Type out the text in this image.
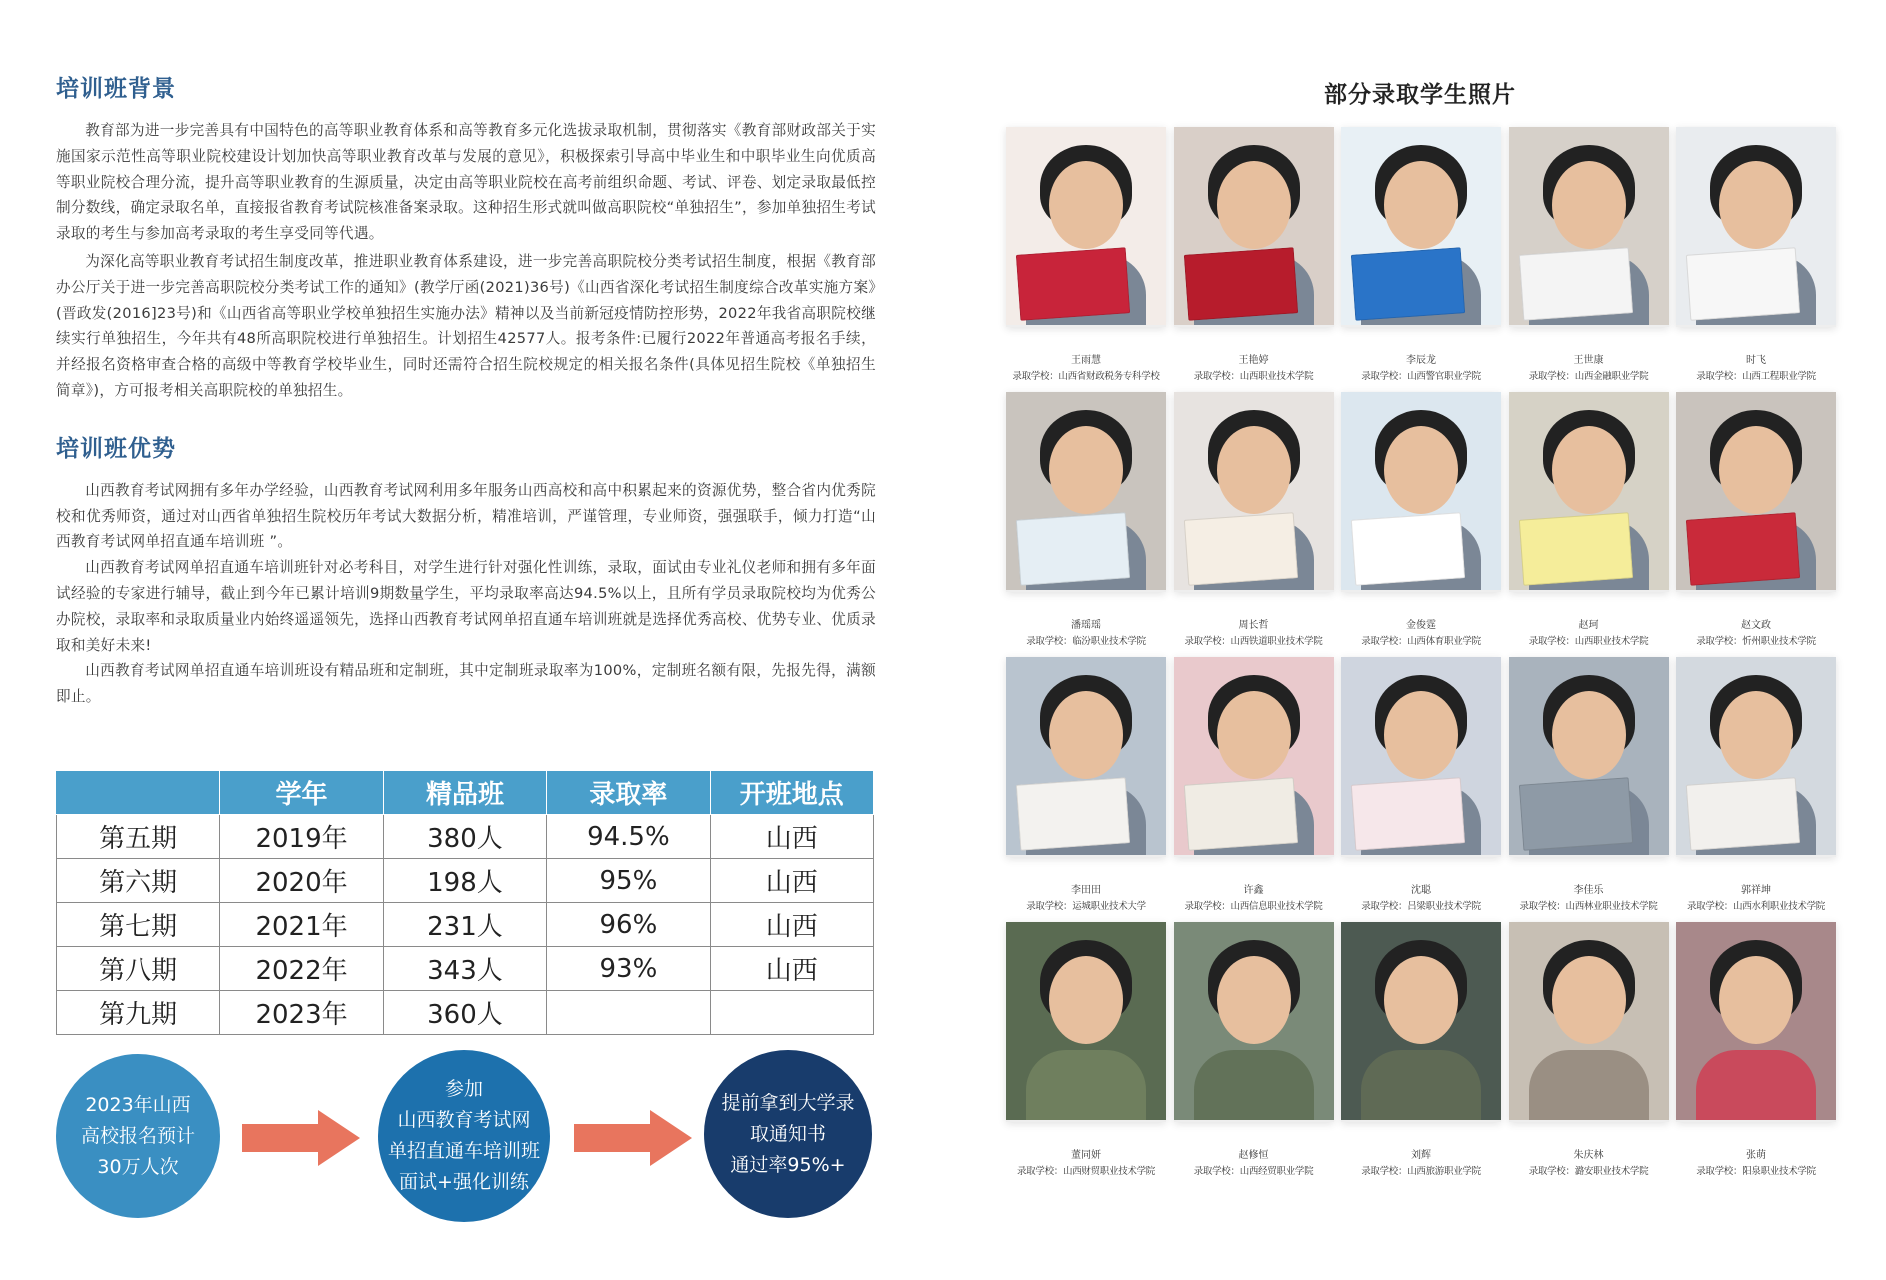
培训班背景

教育部为进一步完善具有中国特色的高等职业教育体系和高等教育多元化选拔录取机制，贯彻落实《教育部财政部关于实施国家示范性高等职业院校建设计划加快高等职业教育改革与发展的意见》，积极探索引导高中毕业生和中职毕业生向优质高等职业院校合理分流，提升高等职业教育的生源质量，决定由高等职业院校在高考前组织命题、考试、评卷、划定录取最低控制分数线，确定录取名单，直接报省教育考试院核准备案录取。这种招生形式就叫做高职院校“单独招生”，参加单独招生考试录取的考生与参加高考录取的考生享受同等代遇。

为深化高等职业教育考试招生制度改革，推进职业教育体系建设，进一步完善高职院校分类考试招生制度，根据《教育部办公厅关于进一步完善高职院校分类考试工作的通知》(教学厅函(2021)36号)《山西省深化考试招生制度综合改革实施方案》(晋政发(2016]23号)和《山西省高等职业学校单独招生实施办法》精神以及当前新冠疫情防控形势，2022年我省高职院校继续实行单独招生，今年共有48所高职院校进行单独招生。计划招生42577人。报考条件:已履行2022年普通高考报名手续，并经报名资格审查合格的高级中等教育学校毕业生，同时还需符合招生院校规定的相关报名条件(具体见招生院校《单独招生简章》)，方可报考相关高职院校的单独招生。

培训班优势

山西教育考试网拥有多年办学经验，山西教育考试网利用多年服务山西高校和高中积累起来的资源优势，整合省内优秀院校和优秀师资，通过对山西省单独招生院校历年考试大数据分析，精准培训，严谨管理，专业师资，强强联手，倾力打造“山西教育考试网单招直通车培训班 ”。

山西教育考试网单招直通车培训班针对必考科目，对学生进行针对强化性训练，录取，面试由专业礼仪老师和拥有多年面试经验的专家进行辅导，截止到今年已累计培训9期数量学生，平均录取率高达94.5%以上，且所有学员录取院校均为优秀公办院校，录取率和录取质量业内始终遥遥领先，选择山西教育考试网单招直通车培训班就是选择优秀高校、优势专业、优质录取和美好未来!

山西教育考试网单招直通车培训班设有精品班和定制班，其中定制班录取率为100%，定制班名额有限，先报先得，满额即止。

	学年	精品班	录取率	开班地点
第五期	2019年	380人	94.5%	山西
第六期	2020年	198人	95%	山西
第七期	2021年	231人	96%	山西
第八期	2022年	343人	93%	山西
第九期	2023年	360人		
2023年山西
高校报名预计
30万人次
参加
山西教育考试网
单招直通车培训班
面试+强化训练
提前拿到大学录
取通知书
通过率95%+
部分录取学生照片
王雨慧
录取学校：山西省财政税务专科学校
王艳婷
录取学校：山西职业技术学院
李辰龙
录取学校：山西警官职业学院
王世康
录取学校：山西金融职业学院
时飞
录取学校：山西工程职业学院
潘瑶瑶
录取学校：临汾职业技术学院
周长哲
录取学校：山西铁道职业技术学院
金俊霆
录取学校：山西体育职业学院
赵珂
录取学校：山西职业技术学院
赵文政
录取学校：忻州职业技术学院
李田田
录取学校：运城职业技术大学
许鑫
录取学校：山西信息职业技术学院
沈聪
录取学校：吕梁职业技术学院
李佳乐
录取学校：山西林业职业技术学院
郭祥坤
录取学校：山西水利职业技术学院
董同妍
录取学校：山西财贸职业技术学院
赵修恒
录取学校：山西经贸职业学院
刘辉
录取学校：山西旅游职业学院
朱庆林
录取学校：潞安职业技术学院
张萌
录取学校：阳泉职业技术学院
